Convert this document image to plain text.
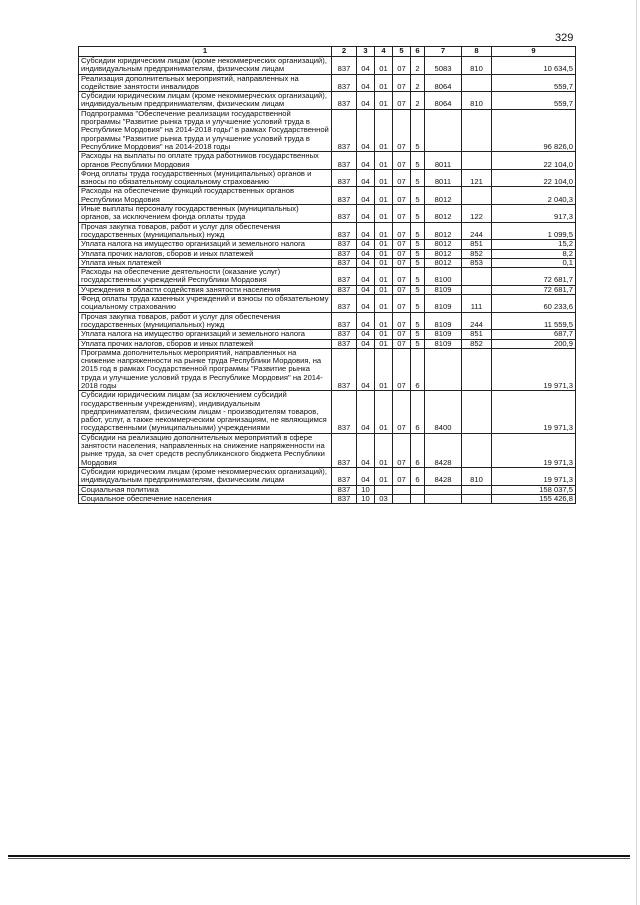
329
1	2	3	4	5	6	7	8	9
Субсидии юридическим лицам (кроме некоммерческих организаций), индивидуальным предпринимателям, физическим лицам	837	04	01	07	2	5083	810	10 634,5
Реализация дополнительных мероприятий, направленных на содействие занятости инвалидов	837	04	01	07	2	8064		559,7
Субсидии юридическим лицам (кроме некоммерческих организаций), индивидуальным предпринимателям, физическим лицам	837	04	01	07	2	8064	810	559,7
Подпрограмма "Обеспечение реализации государственной программы "Развитие рынка труда и улучшение условий труда в Республике Мордовия" на 2014-2018 годы" в рамках Государственной программы "Развитие рынка труда и улучшение условий труда в Республике Мордовия" на 2014-2018 годы	837	04	01	07	5			96 826,0
Расходы на выплаты по оплате труда работников государственных органов Республики Мордовия	837	04	01	07	5	8011		22 104,0
Фонд оплаты труда государственных (муниципальных) органов и взносы по обязательному социальному страхованию	837	04	01	07	5	8011	121	22 104,0
Расходы на обеспечение функций государственных органов Республики Мордовия	837	04	01	07	5	8012		2 040,3
Иные выплаты персоналу государственных (муниципальных) органов, за исключением фонда оплаты труда	837	04	01	07	5	8012	122	917,3
Прочая закупка товаров, работ и услуг для обеспечения государственных (муниципальных) нужд	837	04	01	07	5	8012	244	1 099,5
Уплата налога на имущество организаций и земельного налога	837	04	01	07	5	8012	851	15,2
Уплата прочих налогов, сборов и иных платежей	837	04	01	07	5	8012	852	8,2
Уплата иных платежей	837	04	01	07	5	8012	853	0,1
Расходы на обеспечение деятельности (оказание услуг) государственных учреждений Республики Мордовия	837	04	01	07	5	8100		72 681,7
Учреждения в области содействия занятости населения	837	04	01	07	5	8109		72 681,7
Фонд оплаты труда казенных учреждений и взносы по обязательному социальному страхованию	837	04	01	07	5	8109	111	60 233,6
Прочая закупка товаров, работ и услуг для обеспечения государственных (муниципальных) нужд	837	04	01	07	5	8109	244	11 559,5
Уплата налога на имущество организаций и земельного налога	837	04	01	07	5	8109	851	687,7
Уплата прочих налогов, сборов и иных платежей	837	04	01	07	5	8109	852	200,9
Программа дополнительных мероприятий, направленных на снижение напряженности на рынке труда Республики Мордовия, на 2015 год в рамках Государственной программы "Развитие рынка труда и улучшение условий труда в Республике Мордовия" на 2014-2018 годы	837	04	01	07	6			19 971,3
Субсидии юридическим лицам (за исключением субсидий государственным учреждениям), индивидуальным предпринимателям, физическим лицам - производителям товаров, работ, услуг, а также некоммерческим организациям, не являющимся государственными (муниципальными) учреждениями	837	04	01	07	6	8400		19 971,3
Субсидии на реализацию дополнительных мероприятий в сфере занятости населения, направленных на снижение напряженности на рынке труда, за счет средств республиканского бюджета Республики Мордовия	837	04	01	07	6	8428		19 971,3
Субсидии юридическим лицам (кроме некоммерческих организаций), индивидуальным предпринимателям, физическим лицам	837	04	01	07	6	8428	810	19 971,3
Социальная политика	837	10						158 037,5
Социальное обеспечение населения	837	10	03					155 426,8
